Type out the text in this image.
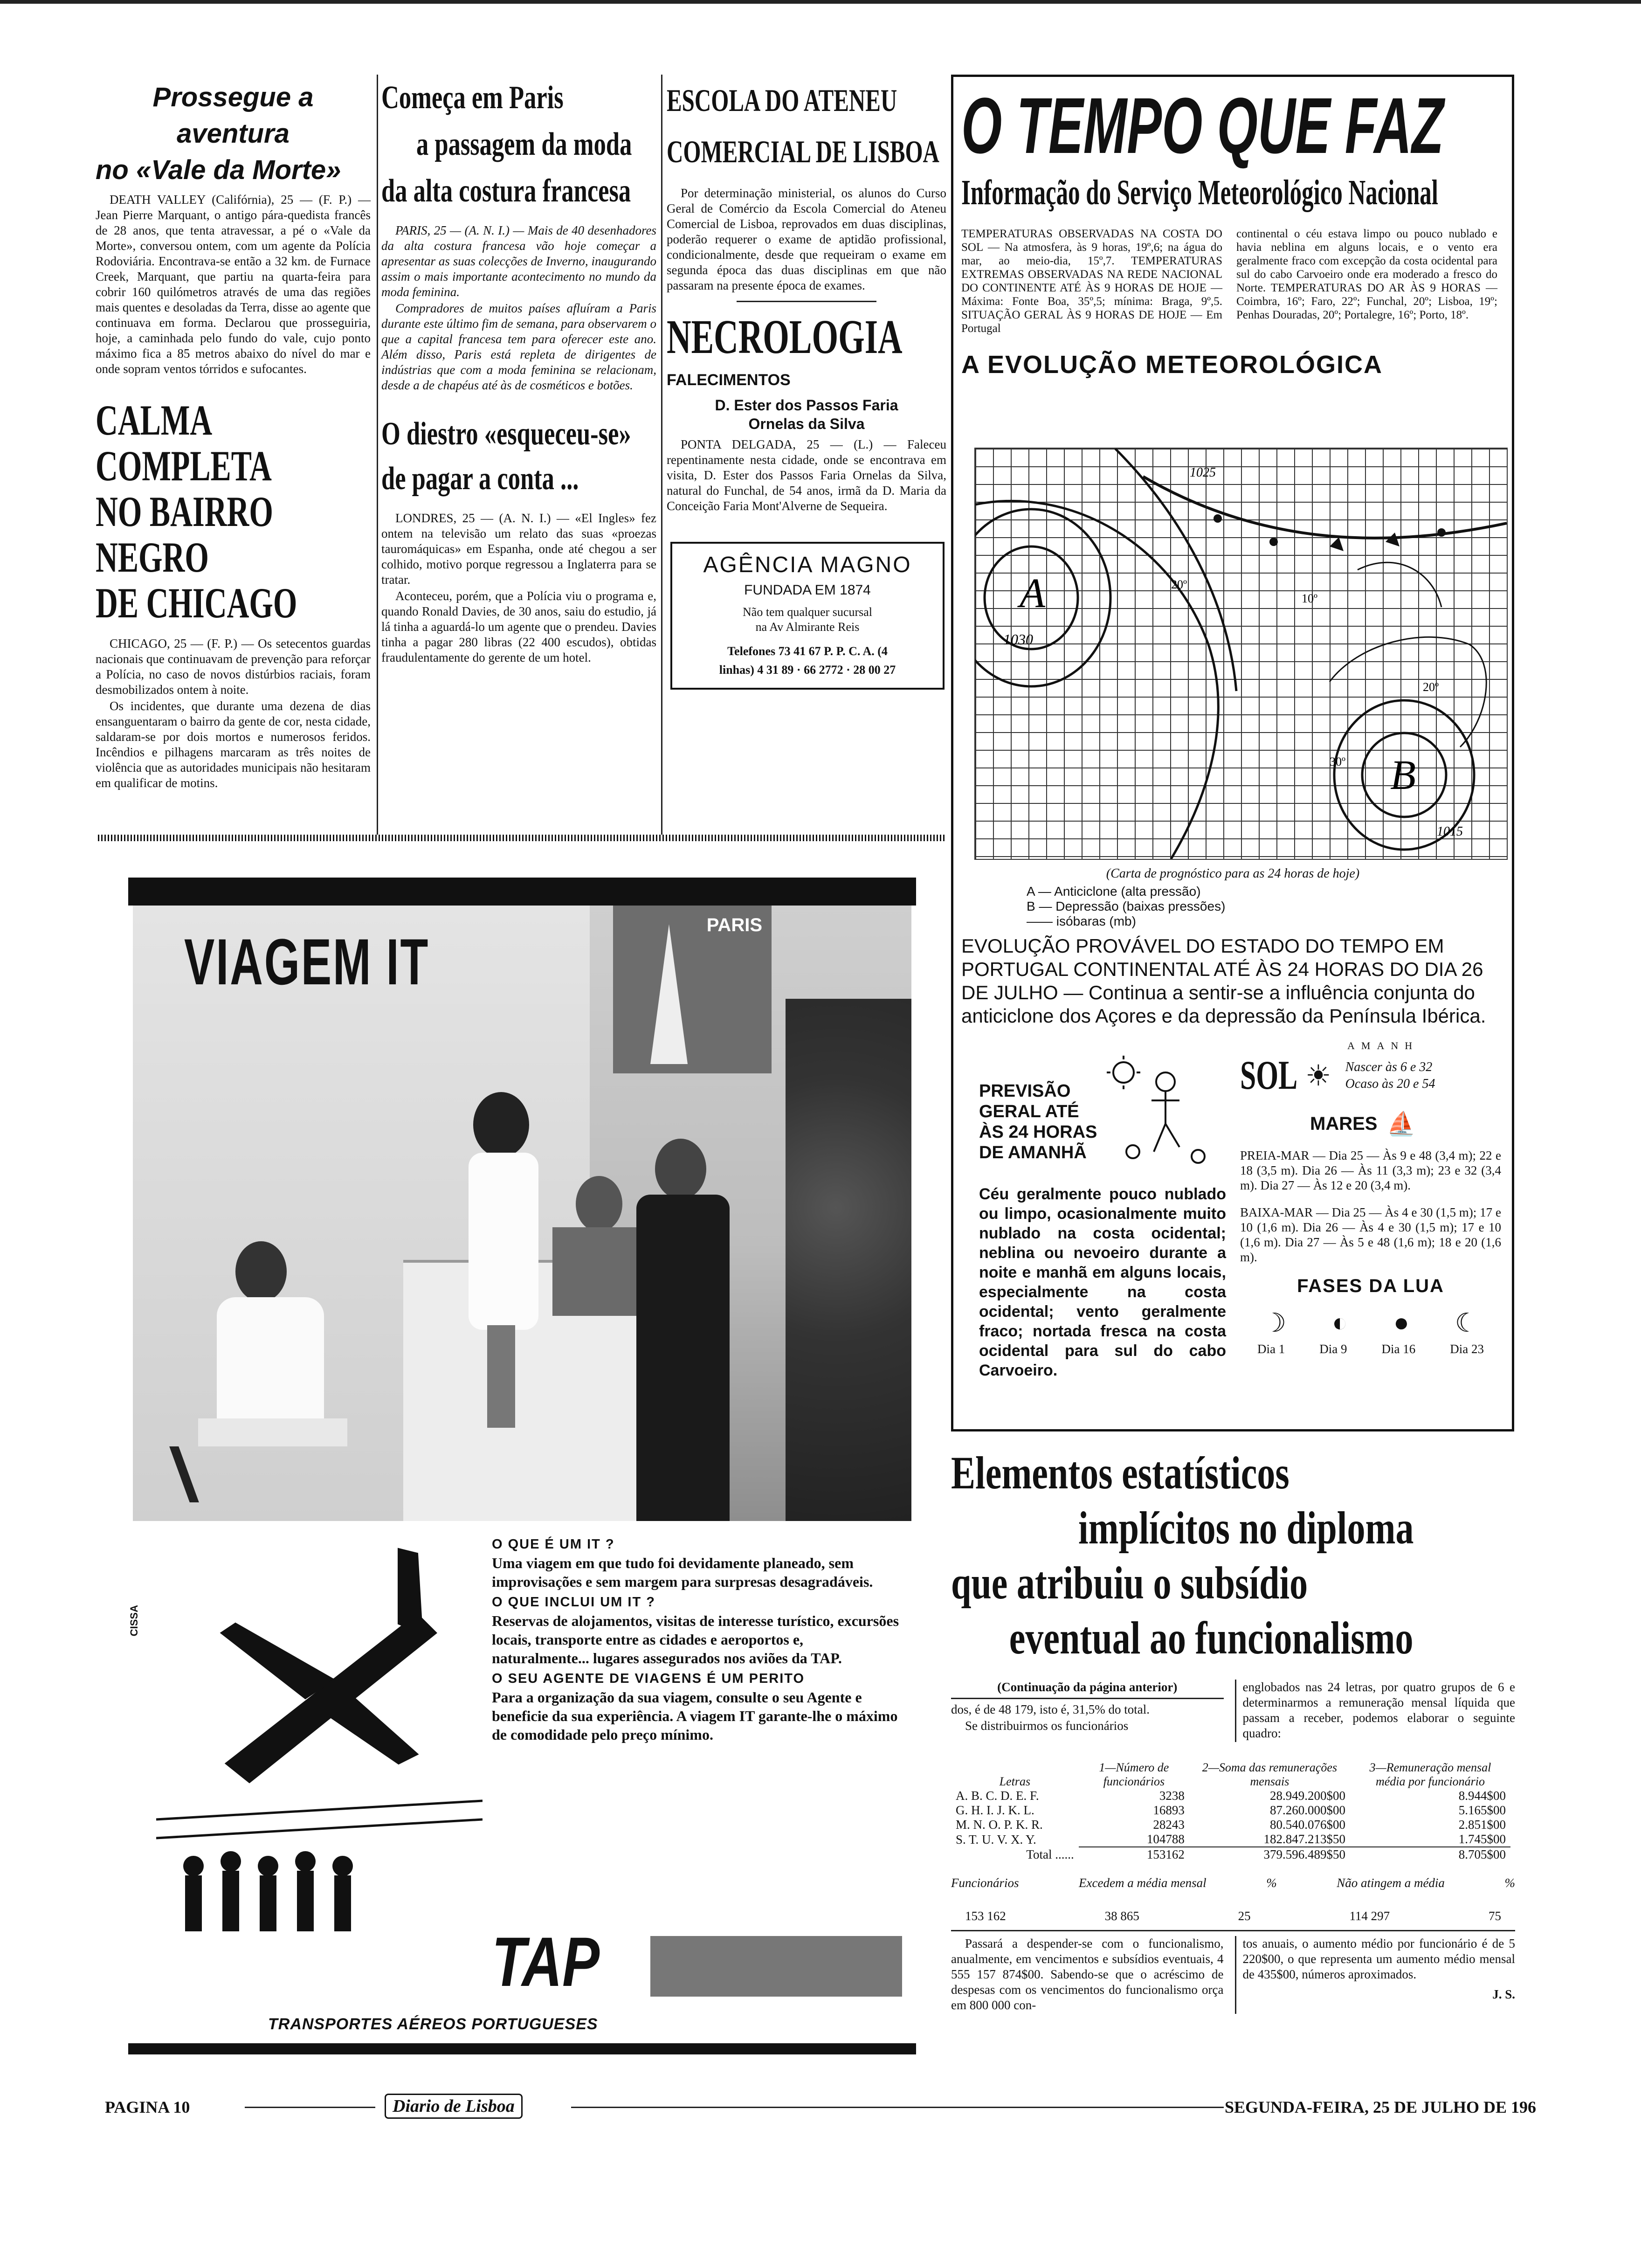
Prossegue a aventura
no «Vale da Morte»

DEATH VALLEY (Califórnia), 25 — (F. P.) — Jean Pierre Marquant, o antigo pára-quedista francês de 28 anos, que tenta atravessar, a pé o «Vale da Morte», conversou ontem, com um agente da Polícia Rodoviária. Encontrava-se então a 32 km. de Furnace Creek, Marquant, que partiu na quarta-feira para cobrir 160 quilómetros através de uma das regiões mais quentes e desoladas da Terra, disse ao agente que continuava em forma. Declarou que prosseguiria, hoje, a caminhada pelo fundo do vale, cujo ponto máximo fica a 85 metros abaixo do nível do mar e onde sopram ventos tórridos e sufocantes.

CALMA COMPLETA
NO BAIRRO NEGRO
DE CHICAGO

CHICAGO, 25 — (F. P.) — Os setecentos guardas nacionais que continuavam de prevenção para reforçar a Polícia, no caso de novos distúrbios raciais, foram desmobilizados ontem à noite.

Os incidentes, que durante uma dezena de dias ensanguentaram o bairro da gente de cor, nesta cidade, saldaram-se por dois mortos e numerosos feridos. Incêndios e pilhagens marcaram as três noites de violência que as autoridades municipais não hesitaram em qualificar de motins.

Começa em Paris
a passagem da moda
da alta costura francesa

PARIS, 25 — (A. N. I.) — Mais de 40 desenhadores da alta costura francesa vão hoje começar a apresentar as suas colecções de Inverno, inaugurando assim o mais importante acontecimento no mundo da moda feminina.

Compradores de muitos países afluíram a Paris durante este último fim de semana, para observarem o que a capital francesa tem para oferecer este ano. Além disso, Paris está repleta de dirigentes de indústrias que com a moda feminina se relacionam, desde a de chapéus até às de cosméticos e botões.

O diestro «esqueceu-se»
de pagar a conta ...

LONDRES, 25 — (A. N. I.) — «El Ingles» fez ontem na televisão um relato das suas «proezas tauromáquicas» em Espanha, onde até chegou a ser colhido, motivo porque regressou a Inglaterra para se tratar.

Aconteceu, porém, que a Polícia viu o programa e, quando Ronald Davies, de 30 anos, saiu do estudio, já lá tinha a aguardá-lo um agente que o prendeu. Davies tinha a pagar 280 libras (22 400 escudos), obtidas fraudulentamente do gerente de um hotel.

ESCOLA DO ATENEU
COMERCIAL DE LISBOA

Por determinação ministerial, os alunos do Curso Geral de Comércio da Escola Comercial do Ateneu Comercial de Lisboa, reprovados em duas disciplinas, poderão requerer o exame de aptidão profissional, condicionalmente, desde que requeiram o exame em segunda época das duas disciplinas em que não passaram na presente época de exames.

NECROLOGIA
FALECIMENTOS
D. Ester dos Passos Faria
Ornelas da Silva

PONTA DELGADA, 25 — (L.) — Faleceu repentinamente nesta cidade, onde se encontrava em visita, D. Ester dos Passos Faria Ornelas da Silva, natural do Funchal, de 54 anos, irmã da D. Maria da Conceição Faria Mont'Alverne de Sequeira.

AGÊNCIA MAGNO
FUNDADA EM 1874
Não tem qualquer sucursal
na Av Almirante Reis
Telefones 73 41 67 P. P. C. A. (4
linhas) 4 31 89 · 66 2772 · 28 00 27
O TEMPO QUE FAZ
Informação do Serviço Meteorológico Nacional

TEMPERATURAS OBSERVADAS NA COSTA DO SOL — Na atmosfera, às 9 horas, 19º,6; na água do mar, ao meio-dia, 15º,7. TEMPERATURAS EXTREMAS OBSERVADAS NA REDE NACIONAL DO CONTINENTE ATÉ ÀS 9 HORAS DE HOJE — Máxima: Fonte Boa, 35º,5; mínima: Braga, 9º,5. SITUAÇÃO GERAL ÀS 9 HORAS DE HOJE — Em Portugal

continental o céu estava limpo ou pouco nublado e havia neblina em alguns locais, e o vento era geralmente fraco com excepção da costa ocidental para sul do cabo Carvoeiro onde era moderado a fresco do Norte. TEMPERATURAS DO AR ÀS 9 HORAS — Coimbra, 16º; Faro, 22º; Funchal, 20º; Lisboa, 19º; Penhas Douradas, 20º; Portalegre, 16º; Porto, 18º.

A EVOLUÇÃO METEOROLÓGICA
A
1030
B
20º
10º
20º
30º
1025
1015
(Carta de prognóstico para as 24 horas de hoje)
A — Anticiclone (alta pressão)
B — Depressão (baixas pressões)
—— isóbaras (mb)
EVOLUÇÃO PROVÁVEL DO ESTADO DO TEMPO EM PORTUGAL CONTINENTAL ATÉ ÀS 24 HORAS DO DIA 26 DE JULHO — Continua a sentir-se a influência conjunta do anticiclone dos Açores e da depressão da Península Ibérica.
PREVISÃO
GERAL ATÉ
ÀS 24 HORAS
DE AMANHÃ
Céu geralmente pouco nublado ou limpo, ocasionalmente muito nublado na costa ocidental; neblina ou nevoeiro durante a noite e manhã em alguns locais, especialmente na costa ocidental; vento geralmente fraco; nortada fresca na costa ocidental para sul do cabo Carvoeiro.
AMANH
SOL ☀ Nascer às 6 e 32
Ocaso às 20 e 54
MARES ⛵
PREIA-MAR — Dia 25 — Às 9 e 48 (3,4 m); 22 e 18 (3,5 m). Dia 26 — Às 11 (3,3 m); 23 e 32 (3,4 m). Dia 27 — Às 12 e 20 (3,4 m).
BAIXA-MAR — Dia 25 — Às 4 e 30 (1,5 m); 17 e 10 (1,6 m). Dia 26 — Às 4 e 30 (1,5 m); 17 e 10 (1,6 m). Dia 27 — Às 5 e 48 (1,6 m); 18 e 20 (1,6 m).
FASES DA LUA
☽ ◐ ● ☾
Dia 1	Dia 9	Dia 16	Dia 23
Elementos estatísticos
implícitos no diploma
que atribuiu o subsídio
eventual ao funcionalismo
(Continuação da página anterior)

dos, é de 48 179, isto é, 31,5% do total.

Se distribuirmos os funcionários

englobados nas 24 letras, por quatro grupos de 6 e determinarmos a remuneração mensal líquida que passam a receber, podemos elaborar o seguinte quadro:

Letras	1—Número de funcionários	2—Soma das remunerações mensais	3—Remuneração mensal média por funcionário
A. B. C. D. E. F.	3238	28.949.200$00	8.944$00
G. H. I. J. K. L.	16893	87.260.000$00	5.165$00
M. N. O. P. K. R.	28243	80.540.076$00	2.851$00
S. T. U. V. X. Y.	104788	182.847.213$50	1.745$00
Total ......	153162	379.596.489$50	8.705$00
Funcionários	Excedem a média mensal	%	Não atingem a média	%
153 162	38 865	25	114 297	75

Passará a despender-se com o funcionalismo, anualmente, em vencimentos e subsídios eventuais, 4 555 157 874$00. Sabendo-se que o acréscimo de despesas com os vencimentos do funcionalismo orça em 800 000 con-

tos anuais, o aumento médio por funcionário é de 5 220$00, o que representa um aumento médio mensal de 435$00, números aproximados.

J. S.
VIAGEM IT	PARIS
CISSA
O QUE É UM IT ?
Uma viagem em que tudo foi devidamente planeado, sem improvisações e sem margem para surpresas desagradáveis.
O QUE INCLUI UM IT ?
Reservas de alojamentos, visitas de interesse turístico, excursões locais, transporte entre as cidades e aeroportos e, naturalmente... lugares assegurados nos aviões da TAP.
O SEU AGENTE DE VIAGENS É UM PERITO
Para a organização da sua viagem, consulte o seu Agente e beneficie da sua experiência. A viagem IT garante-lhe o máximo de comodidade pelo preço mínimo.
TAP
TRANSPORTES AÉREOS PORTUGUESES
PAGINA 10	Diario de Lisboa	SEGUNDA-FEIRA, 25 DE JULHO DE 196
